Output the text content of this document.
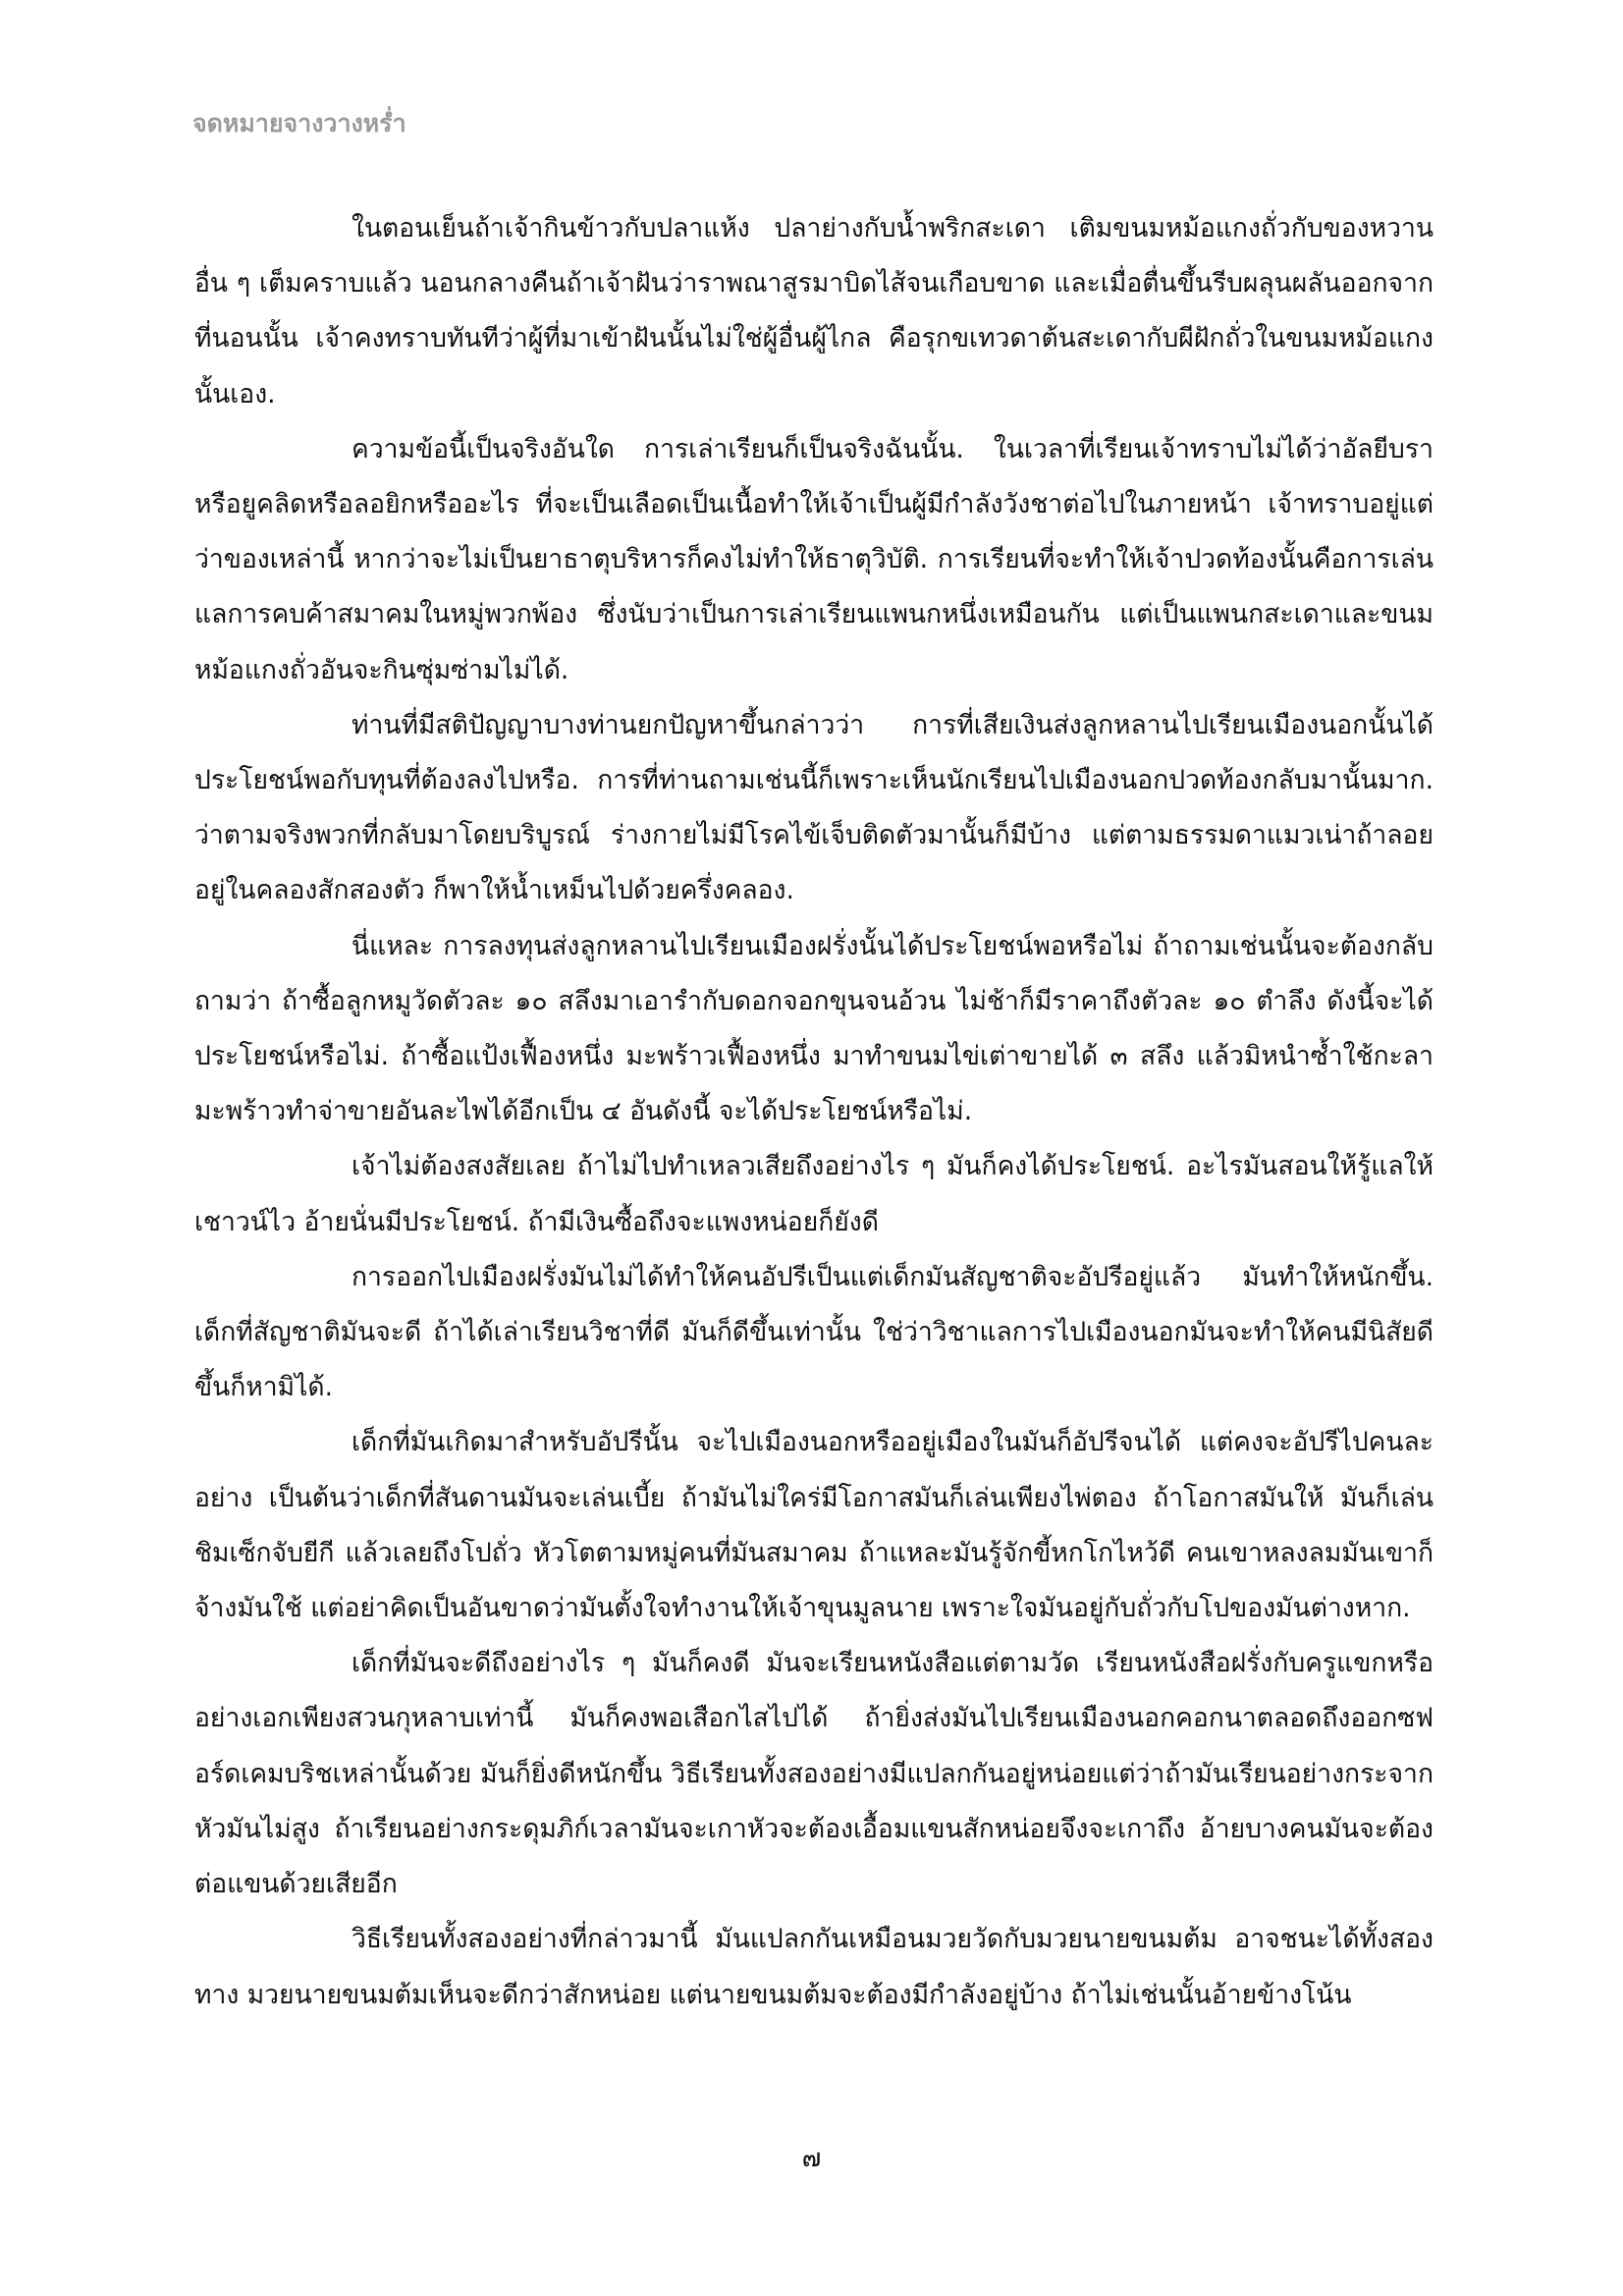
จดหมายจางวางหร่ำ

ในตอนเย็นถ้าเจ้ากินข้าวกับปลาแห้ง ปลาย่างกับน้ำพริกสะเดา เติมขนมหม้อแกงถั่วกับของหวานอื่น ๆ เต็มคราบแล้ว นอนกลางคืนถ้าเจ้าฝันว่าราพณาสูรมาบิดไส้จนเกือบขาด และเมื่อตื่นขึ้นรีบผลุนผลันออกจากที่นอนนั้น เจ้าคงทราบทันทีว่าผู้ที่มาเข้าฝันนั้นไม่ใช่ผู้อื่นผู้ไกล คือรุกขเทวดาต้นสะเดากับผีฝักถั่วในขนมหม้อแกงนั้นเอง.

ความข้อนี้เป็นจริงอันใด การเล่าเรียนก็เป็นจริงฉันนั้น. ในเวลาที่เรียนเจ้าทราบไม่ได้ว่าอัลยีบราหรือยูคลิดหรือลอยิกหรืออะไร ที่จะเป็นเลือดเป็นเนื้อทำให้เจ้าเป็นผู้มีกำลังวังชาต่อไปในภายหน้า เจ้าทราบอยู่แต่ว่าของเหล่านี้ หากว่าจะไม่เป็นยาธาตุบริหารก็คงไม่ทำให้ธาตุวิบัติ. การเรียนที่จะทำให้เจ้าปวดท้องนั้นคือการเล่นแลการคบค้าสมาคมในหมู่พวกพ้อง ซึ่งนับว่าเป็นการเล่าเรียนแพนกหนึ่งเหมือนกัน แต่เป็นแพนกสะเดาและขนมหม้อแกงถั่วอันจะกินซุ่มซ่ามไม่ได้.

ท่านที่มีสติปัญญาบางท่านยกปัญหาขึ้นกล่าวว่า การที่เสียเงินส่งลูกหลานไปเรียนเมืองนอกนั้นได้ประโยชน์พอกับทุนที่ต้องลงไปหรือ. การที่ท่านถามเช่นนี้ก็เพราะเห็นนักเรียนไปเมืองนอกปวดท้องกลับมานั้นมาก. ว่าตามจริงพวกที่กลับมาโดยบริบูรณ์ ร่างกายไม่มีโรคไข้เจ็บติดตัวมานั้นก็มีบ้าง แต่ตามธรรมดาแมวเน่าถ้าลอยอยู่ในคลองสักสองตัว ก็พาให้น้ำเหม็นไปด้วยครึ่งคลอง.

นี่แหละ การลงทุนส่งลูกหลานไปเรียนเมืองฝรั่งนั้นได้ประโยชน์พอหรือไม่ ถ้าถามเช่นนั้นจะต้องกลับถามว่า ถ้าซื้อลูกหมูวัดตัวละ ๑๐ สลึงมาเอารำกับดอกจอกขุนจนอ้วน ไม่ช้าก็มีราคาถึงตัวละ ๑๐ ตำลึง ดังนี้จะได้ประโยชน์หรือไม่. ถ้าซื้อแป้งเฟื้องหนึ่ง มะพร้าวเฟื้องหนึ่ง มาทำขนมไข่เต่าขายได้ ๓ สลึง แล้วมิหนำซ้ำใช้กะลามะพร้าวทำจ่าขายอันละไพได้อีกเป็น ๔ อันดังนี้ จะได้ประโยชน์หรือไม่.

เจ้าไม่ต้องสงสัยเลย ถ้าไม่ไปทำเหลวเสียถึงอย่างไร ๆ มันก็คงได้ประโยชน์. อะไรมันสอนให้รู้แลให้เชาวน์ไว อ้ายนั่นมีประโยชน์. ถ้ามีเงินซื้อถึงจะแพงหน่อยก็ยังดี

การออกไปเมืองฝรั่งมันไม่ได้ทำให้คนอัปรีเป็นแต่เด็กมันสัญชาติจะอัปรีอยู่แล้ว มันทำให้หนักขึ้น. เด็กที่สัญชาติมันจะดี ถ้าได้เล่าเรียนวิชาที่ดี มันก็ดีขึ้นเท่านั้น ใช่ว่าวิชาแลการไปเมืองนอกมันจะทำให้คนมีนิสัยดีขึ้นก็หามิได้.

เด็กที่มันเกิดมาสำหรับอัปรีนั้น จะไปเมืองนอกหรืออยู่เมืองในมันก็อัปรีจนได้ แต่คงจะอัปรีไปคนละอย่าง เป็นต้นว่าเด็กที่สันดานมันจะเล่นเบี้ย ถ้ามันไม่ใคร่มีโอกาสมันก็เล่นเพียงไพ่ตอง ถ้าโอกาสมันให้ มันก็เล่นชิมเซ็กจับยีกี แล้วเลยถึงโปถั่ว หัวโตตามหมู่คนที่มันสมาคม ถ้าแหละมันรู้จักขี้หกโกไหว้ดี คนเขาหลงลมมันเขาก็จ้างมันใช้ แต่อย่าคิดเป็นอันขาดว่ามันตั้งใจทำงานให้เจ้าขุนมูลนาย เพราะใจมันอยู่กับถั่วกับโปของมันต่างหาก.

เด็กที่มันจะดีถึงอย่างไร ๆ มันก็คงดี มันจะเรียนหนังสือแต่ตามวัด เรียนหนังสือฝรั่งกับครูแขกหรืออย่างเอกเพียงสวนกุหลาบเท่านี้ มันก็คงพอเสือกไสไปได้ ถ้ายิ่งส่งมันไปเรียนเมืองนอกคอกนาตลอดถึงออกซฟอร์ดเคมบริชเหล่านั้นด้วย มันก็ยิ่งดีหนักขึ้น วิธีเรียนทั้งสองอย่างมีแปลกกันอยู่หน่อยแต่ว่าถ้ามันเรียนอย่างกระจากหัวมันไม่สูง ถ้าเรียนอย่างกระดุมภิก์เวลามันจะเกาหัวจะต้องเอื้อมแขนสักหน่อยจึงจะเกาถึง อ้ายบางคนมันจะต้องต่อแขนด้วยเสียอีก

วิธีเรียนทั้งสองอย่างที่กล่าวมานี้ มันแปลกกันเหมือนมวยวัดกับมวยนายขนมต้ม อาจชนะได้ทั้งสองทาง มวยนายขนมต้มเห็นจะดีกว่าสักหน่อย แต่นายขนมต้มจะต้องมีกำลังอยู่บ้าง ถ้าไม่เช่นนั้นอ้ายข้างโน้น

๗
